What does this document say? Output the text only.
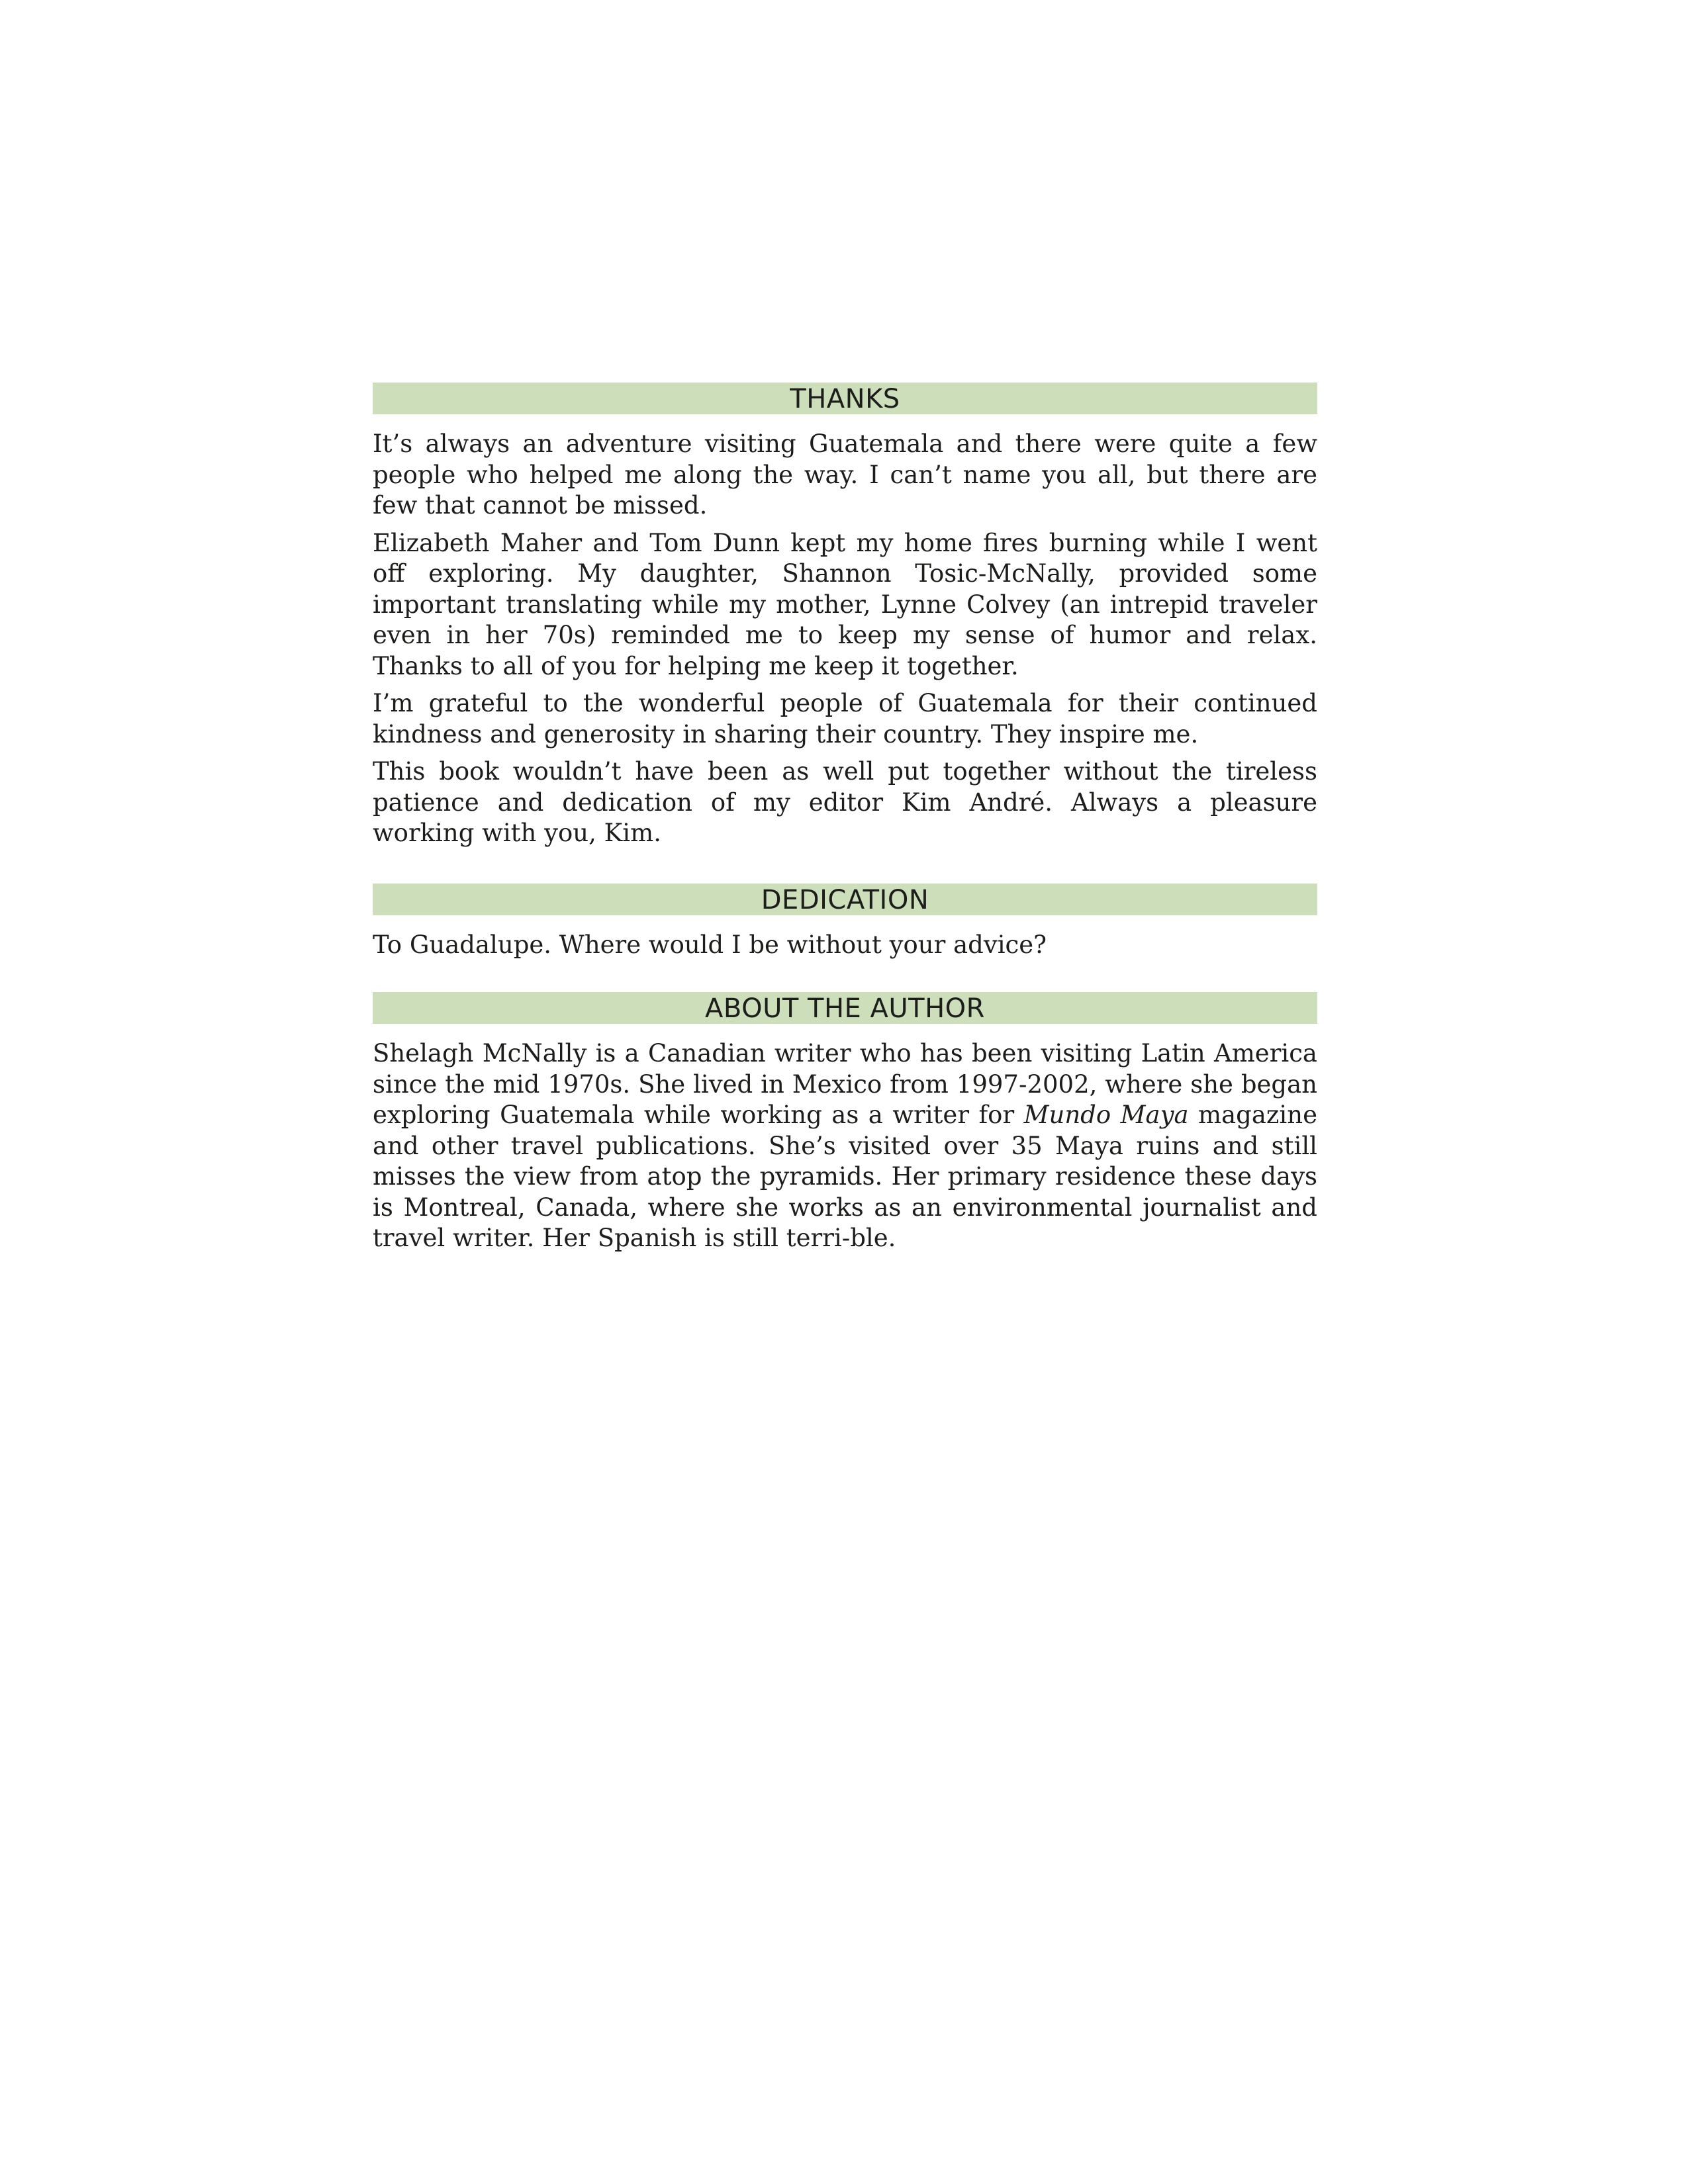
THANKS

It’s always an adventure visiting Guatemala and there were quite a few people who helped me along the way. I can’t name you all, but there are few that cannot be missed.

Elizabeth Maher and Tom Dunn kept my home fires burning while I went off exploring. My daughter, Shannon Tosic-McNally, provided some important translating while my mother, Lynne Colvey (an intrepid traveler even in her 70s) reminded me to keep my sense of humor and relax. Thanks to all of you for helping me keep it together.

I’m grateful to the wonderful people of Guatemala for their continued kindness and generosity in sharing their country. They inspire me.

This book wouldn’t have been as well put together without the tireless patience and dedication of my editor Kim André. Always a pleasure working with you, Kim.

DEDICATION

To Guadalupe. Where would I be without your advice?

ABOUT THE AUTHOR

Shelagh McNally is a Canadian writer who has been visiting Latin America since the mid 1970s. She lived in Mexico from 1997-2002, where she began exploring Guatemala while working as a writer for Mundo Maya magazine and other travel publications. She’s visited over 35 Maya ruins and still misses the view from atop the pyramids. Her primary residence these days is Montreal, Canada, where she works as an environmental journalist and travel writer. Her Spanish is still terri-ble.
